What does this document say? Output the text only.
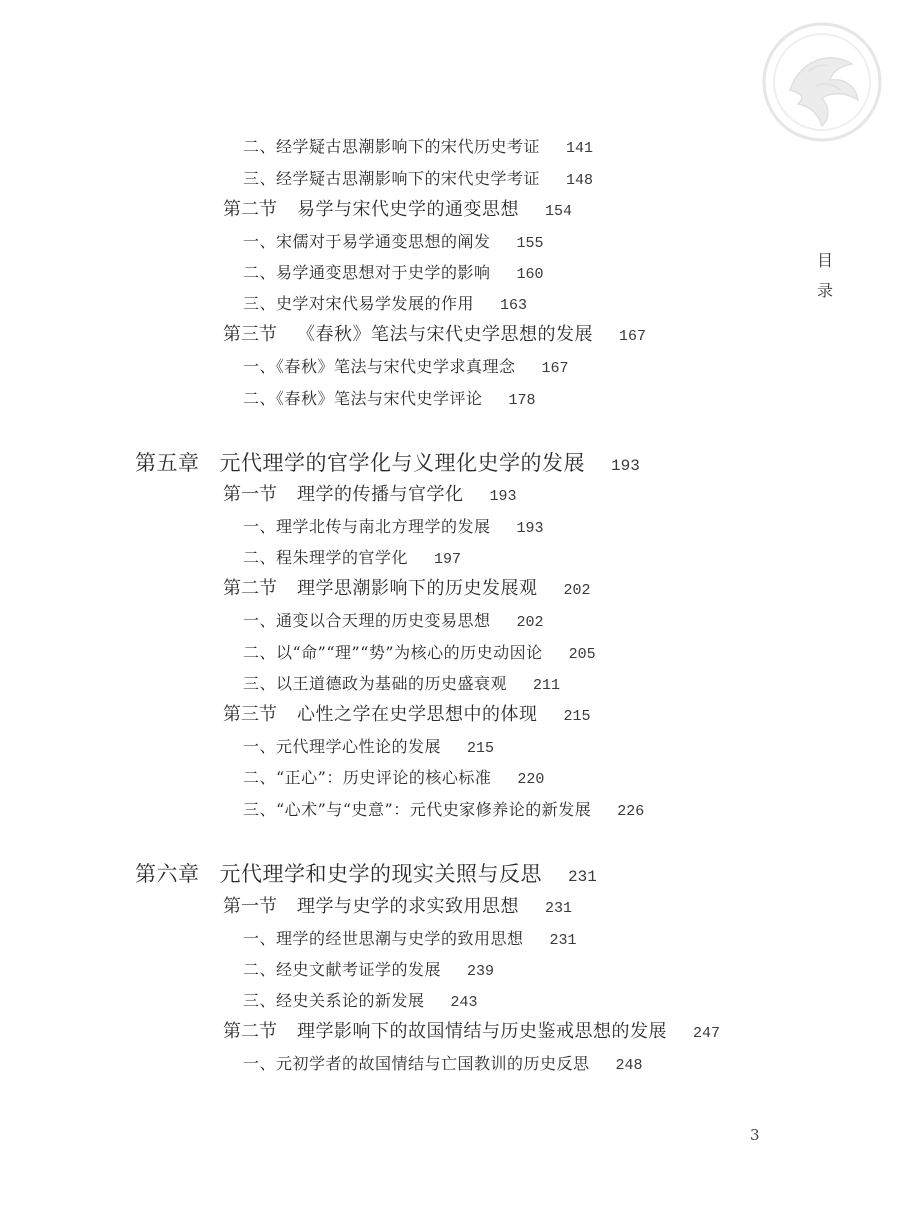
目
录
二、经学疑古思潮影响下的宋代历史考证 141
三、经学疑古思潮影响下的宋代史学考证 148
第二节 易学与宋代史学的通变思想 154
一、宋儒对于易学通变思想的阐发 155
二、易学通变思想对于史学的影响 160
三、史学对宋代易学发展的作用 163
第三节 《春秋》笔法与宋代史学思想的发展 167
一、《春秋》笔法与宋代史学求真理念 167
二、《春秋》笔法与宋代史学评论 178
第五章 元代理学的官学化与义理化史学的发展 193
第一节 理学的传播与官学化 193
一、理学北传与南北方理学的发展 193
二、程朱理学的官学化 197
第二节 理学思潮影响下的历史发展观 202
一、通变以合天理的历史变易思想 202
二、以“命”“理”“势”为核心的历史动因论 205
三、以王道德政为基础的历史盛衰观 211
第三节 心性之学在史学思想中的体现 215
一、元代理学心性论的发展 215
二、“正心”：历史评论的核心标准 220
三、“心术”与“史意”：元代史家修养论的新发展 226
第六章 元代理学和史学的现实关照与反思 231
第一节 理学与史学的求实致用思想 231
一、理学的经世思潮与史学的致用思想 231
二、经史文献考证学的发展 239
三、经史关系论的新发展 243
第二节 理学影响下的故国情结与历史鉴戒思想的发展 247
一、元初学者的故国情结与亡国教训的历史反思 248
3
